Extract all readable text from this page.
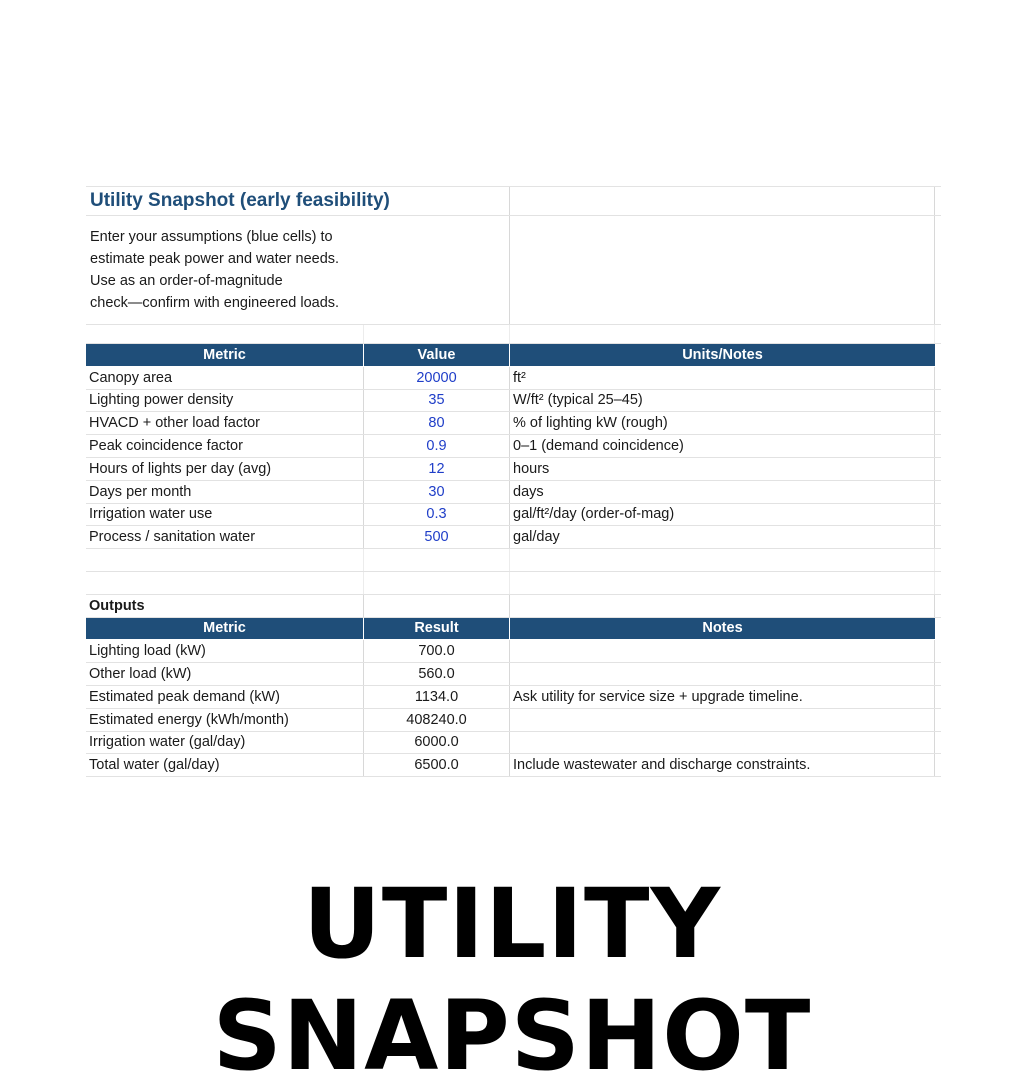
Utility Snapshot (early feasibility)
Enter your assumptions (blue cells) to
estimate peak power and water needs.
Use as an order-of-magnitude
check—confirm with engineered loads.
Metric	Value	Units/Notes
Canopy area	20000	ft²
Lighting power density	35	W/ft² (typical 25–45)
HVACD + other load factor	80	% of lighting kW (rough)
Peak coincidence factor	0.9	0–1 (demand coincidence)
Hours of lights per day (avg)	12	hours
Days per month	30	days
Irrigation water use	0.3	gal/ft²/day (order-of-mag)
Process / sanitation water	500	gal/day
Outputs
Metric	Result	Notes
Lighting load (kW)	700.0
Other load (kW)	560.0
Estimated peak demand (kW)	1134.0	Ask utility for service size + upgrade timeline.
Estimated energy (kWh/month)	408240.0
Irrigation water (gal/day)	6000.0
Total water (gal/day)	6500.0	Include wastewater and discharge constraints.
UTILITY SNAPSHOT
